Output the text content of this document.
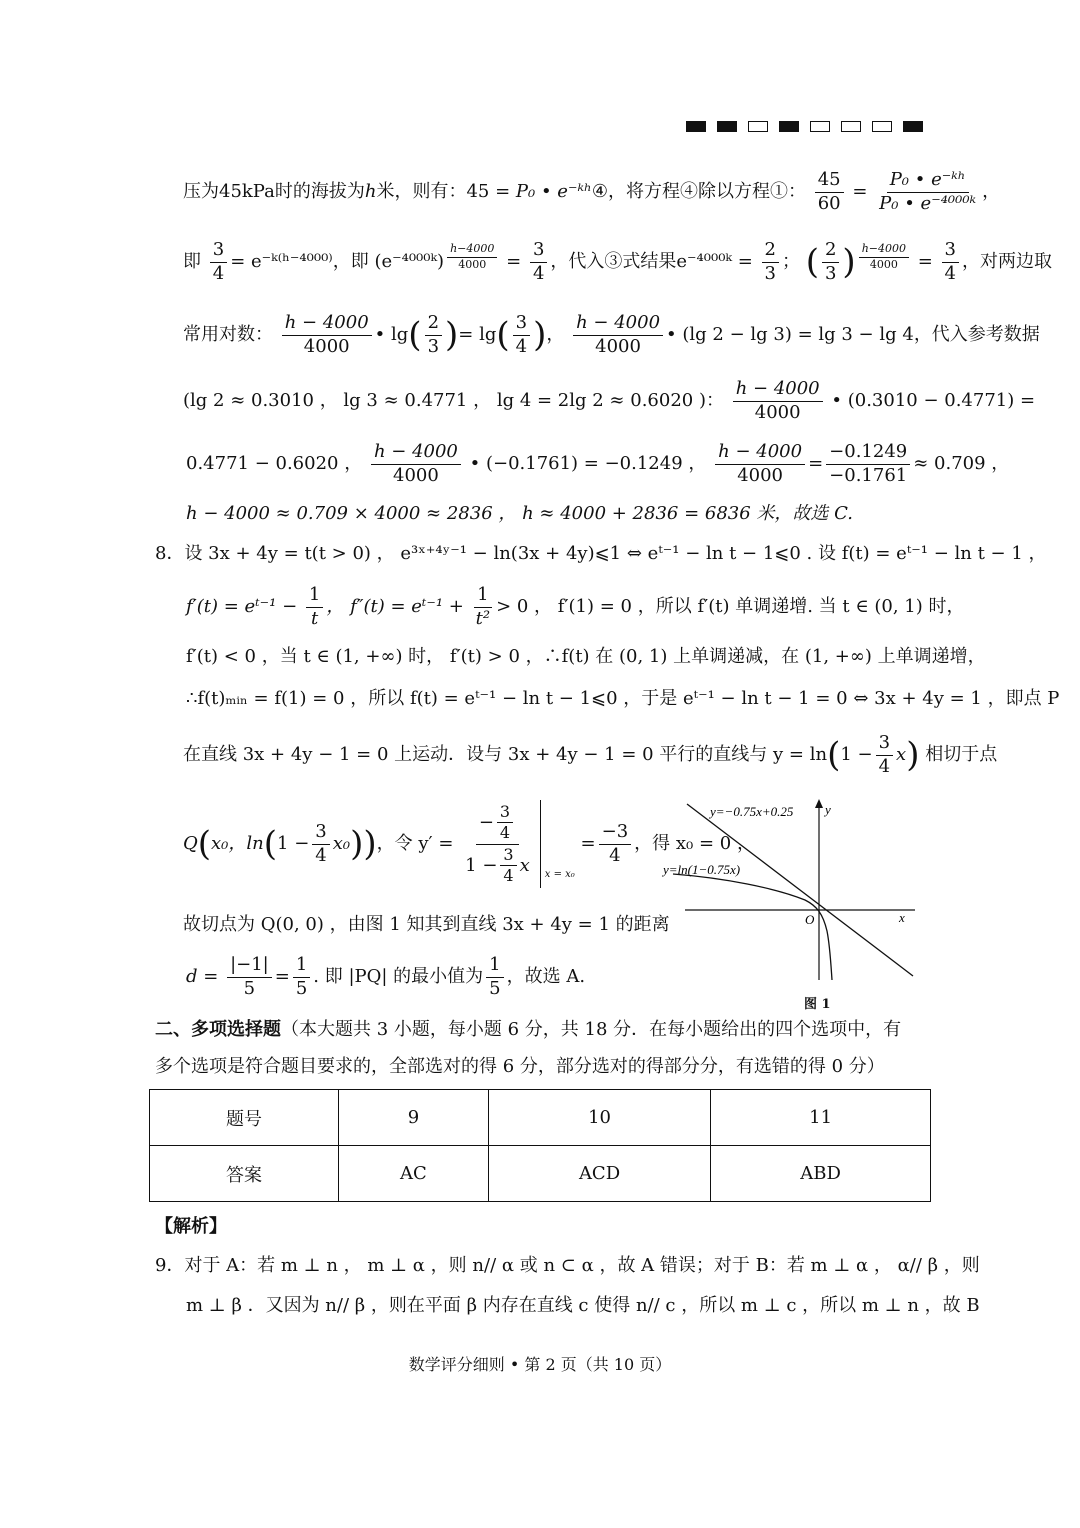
压为45kPa时的海拔为h米，则有：45 = P₀ • e⁻ᵏʰ④，将方程④除以方程①： $\frac{45}{60} = \frac{\text{P₀ • e⁻ᵏʰ}}{\text{P₀ • e⁻⁴⁰⁰⁰ᵏ}}$ ，
即 $\frac{3}{4}$ = e⁻ᵏ⁽ʰ⁻⁴⁰⁰⁰⁾，即 (e⁻⁴⁰⁰⁰ᵏ) $^{\frac{h-4000}{4000}} = \frac{3}{4}$ ，代入③式结果e⁻⁴⁰⁰⁰ᵏ = $\frac{2}{3}$ ； ( $\frac{2}{3}$ ) $^{\frac{h-4000}{4000}} = \frac{3}{4}$ ，对两边取
常用对数： $\frac{h - 4000}{4000}$ • $\lg( \frac{2}{3}$ )= $\lg( \frac{3}{4}$ )， $\frac{h - 4000}{4000}$ • (lg 2 − lg 3) = lg 3 − lg 4，代入参考数据
(lg 2 ≈ 0.3010 ， lg 3 ≈ 0.4771 ， lg 4 = 2lg 2 ≈ 0.6020 )： $\frac{h - 4000}{4000}$ • (0.3010 − 0.4771) =
0.4771 − 0.6020 ， $\frac{h - 4000}{4000}$ • (−0.1761) = −0.1249 ， $\frac{h - 4000}{4000} = \frac{-0.1249}{-0.1761} \approx 0.709$ ，
h − 4000 ≈ 0.709 × 4000 ≈ 2836 ， h ≈ 4000 + 2836 = 6836 米，故选 C.
8．设 3x + 4y = t(t > 0) ， e³ˣ⁺⁴ʸ⁻¹ − ln(3x + 4y)⩽1 ⇔ eᵗ⁻¹ − ln t − 1⩽0 . 设 f(t) = eᵗ⁻¹ − ln t − 1 ，
f′(t) = eᵗ⁻¹ − $\frac{1}{t}$ ， f″(t) = eᵗ⁻¹ + $\frac{1}{\text{t²}} > 0$ ， f′(1) = 0 ，所以 f′(t) 单调递增. 当 t ∈ (0, 1) 时，
f′(t) < 0 ，当 t ∈ (1, +∞) 时， f′(t) > 0 ，∴f(t) 在 (0, 1) 上单调递减，在 (1, +∞) 上单调递增，
∴f(t)ₘᵢₙ = f(1) = 0 ，所以 f(t) = eᵗ⁻¹ − ln t − 1⩽0 ，于是 eᵗ⁻¹ − ln t − 1 = 0 ⇔ 3x + 4y = 1 ，即点 P
在直线 3x + 4y − 1 = 0 上运动．设与 3x + 4y − 1 = 0 平行的直线与 $y = \ln(1 - \frac{3}{4} x)$ 相切于点
Q(x₀，$\ln(1 - \frac{3}{4} x_0)$)，令 $y' = \frac{- \frac{3}{4}}{1 - \frac{3}{4} x} _{x = x_0} = \frac{-3}{4}$ ，得 x₀ = 0 ，
故切点为 Q(0, 0) ，由图 1 知其到直线 3x + 4y = 1 的距离
$d = \frac{|-1|}{5} = \frac{1}{5}$ . 即 |PQ| 的最小值为 $\frac{1}{5}$ ，故选 A.
y=−0.75x+0.25
y=ln(1−0.75x)
x
y
O
图 1
二、多项选择题（本大题共 3 小题，每小题 6 分，共 18 分．在每小题给出的四个选项中，有
多个选项是符合题目要求的，全部选对的得 6 分，部分选对的得部分分，有选错的得 0 分）
题号	9	10	11
答案	AC	ACD	ABD
【解析】
9．对于 A：若 m ⊥ n ， m ⊥ α ，则 n// α 或 n ⊂ α ，故 A 错误；对于 B：若 m ⊥ α ， α// β ，则
m ⊥ β ．又因为 n// β ，则在平面 β 内存在直线 c 使得 n// c ，所以 m ⊥ c ，所以 m ⊥ n ，故 B
数学评分细则 • 第 2 页（共 10 页）
